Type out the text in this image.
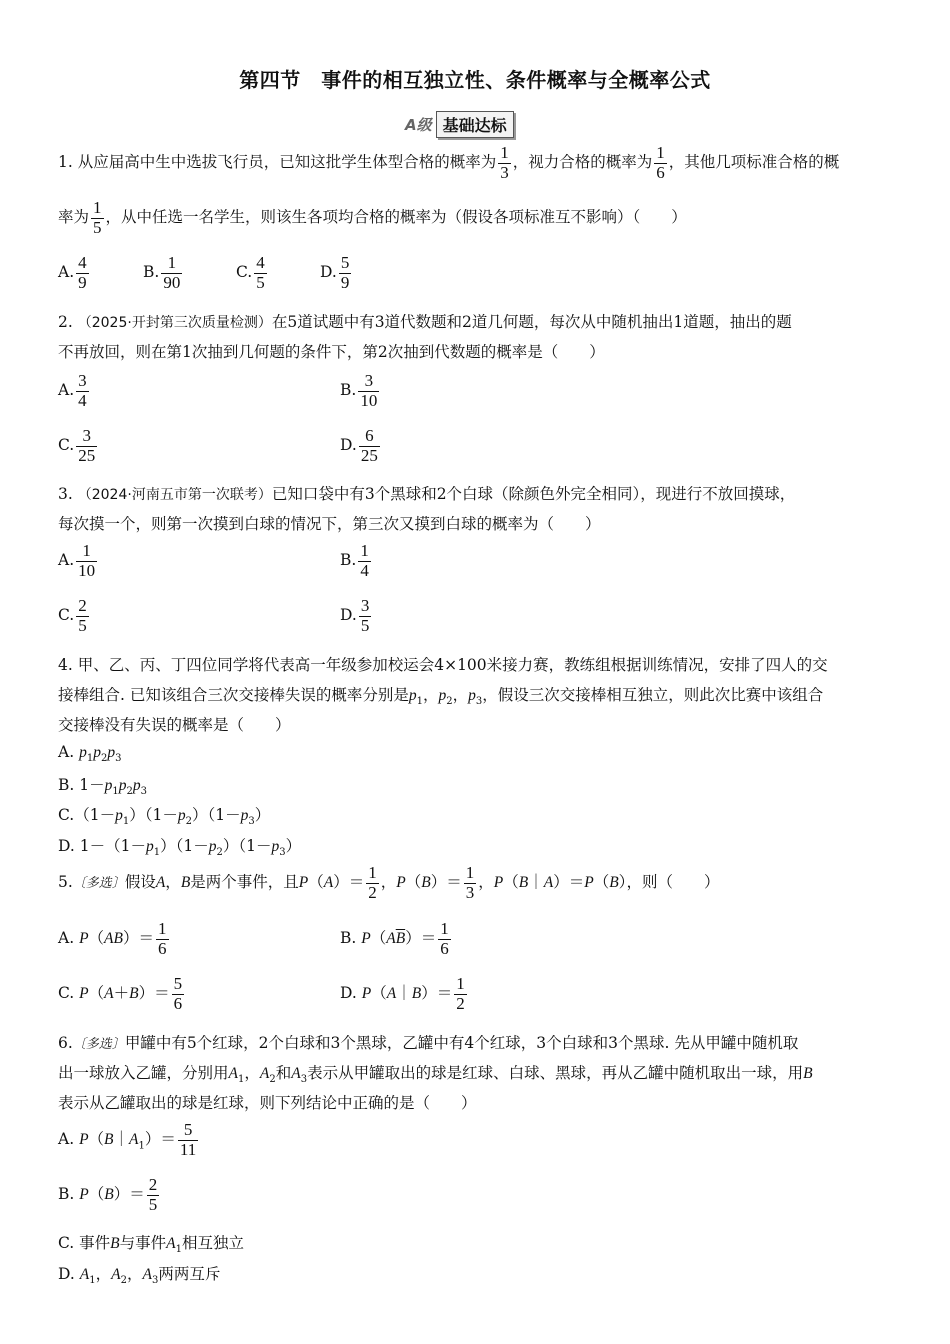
第四节　事件的相互独立性、条件概率与全概率公式
A级 基础达标
1. 从应届高中生中选拔飞行员，已知这批学生体型合格的概率为 $\frac{1}{3}$ ，视力合格的概率为 $\frac{1}{6}$ ，其他几项标准合格的概
率为 $\frac{1}{5}$ ，从中任选一名学生，则该生各项均合格的概率为（假设各项标准互不影响）（　　）
A. $\frac{4}{9}$	B. $\frac{1}{90}$	C. $\frac{4}{5}$	D. $\frac{5}{9}$
2. （2025·开封第三次质量检测）在5道试题中有3道代数题和2道几何题，每次从中随机抽出1道题，抽出的题
不再放回，则在第1次抽到几何题的条件下，第2次抽到代数题的概率是（　　）
A. $\frac{3}{4}$	B. $\frac{3}{10}$
C. $\frac{3}{25}$	D. $\frac{6}{25}$
3. （2024·河南五市第一次联考）已知口袋中有3个黑球和2个白球（除颜色外完全相同），现进行不放回摸球，
每次摸一个，则第一次摸到白球的情况下，第三次又摸到白球的概率为（　　）
A. $\frac{1}{10}$	B. $\frac{1}{4}$
C. $\frac{2}{5}$	D. $\frac{3}{5}$
4. 甲、乙、丙、丁四位同学将代表高一年级参加校运会4×100米接力赛，教练组根据训练情况，安排了四人的交
接棒组合. 已知该组合三次交接棒失误的概率分别是$p_1$，$p_2$，$p_3$，假设三次交接棒相互独立，则此次比赛中该组合
交接棒没有失误的概率是（　　）
A. $p_1p_2p_3$
B. $1-p_1p_2p_3$
$C.(1-p_1)(1-p_2)(1-p_3)$
D. $1-(1-p_1)(1-p_2)(1-p_3)$
5.〔多选〕假设A，B是两个事件，且$P(A)= \frac{1}{2}$ ，$P(B)= \frac{1}{3}$ ，P（B｜A）＝P（B），则（　　）
A. $P(AB)= \frac{1}{6}$	B. $P(A\overline{B})= \frac{1}{6}$
C. $P(A+B)= \frac{5}{6}$	D. P（A｜B）＝ $\frac{1}{2}$
6.〔多选〕甲罐中有5个红球，2个白球和3个黑球，乙罐中有4个红球，3个白球和3个黑球. 先从甲罐中随机取
出一球放入乙罐，分别用$A_1$，$A_2$和$A_3$表示从甲罐取出的球是红球、白球、黑球，再从乙罐中随机取出一球，用B
表示从乙罐取出的球是红球，则下列结论中正确的是（　　）
A. $P(B|A_1)= \frac{5}{11}$
B. $P(B)= \frac{2}{5}$
C. 事件B与事件$A_1$相互独立
D. $A_1$，$A_2$，$A_3$两两互斥
